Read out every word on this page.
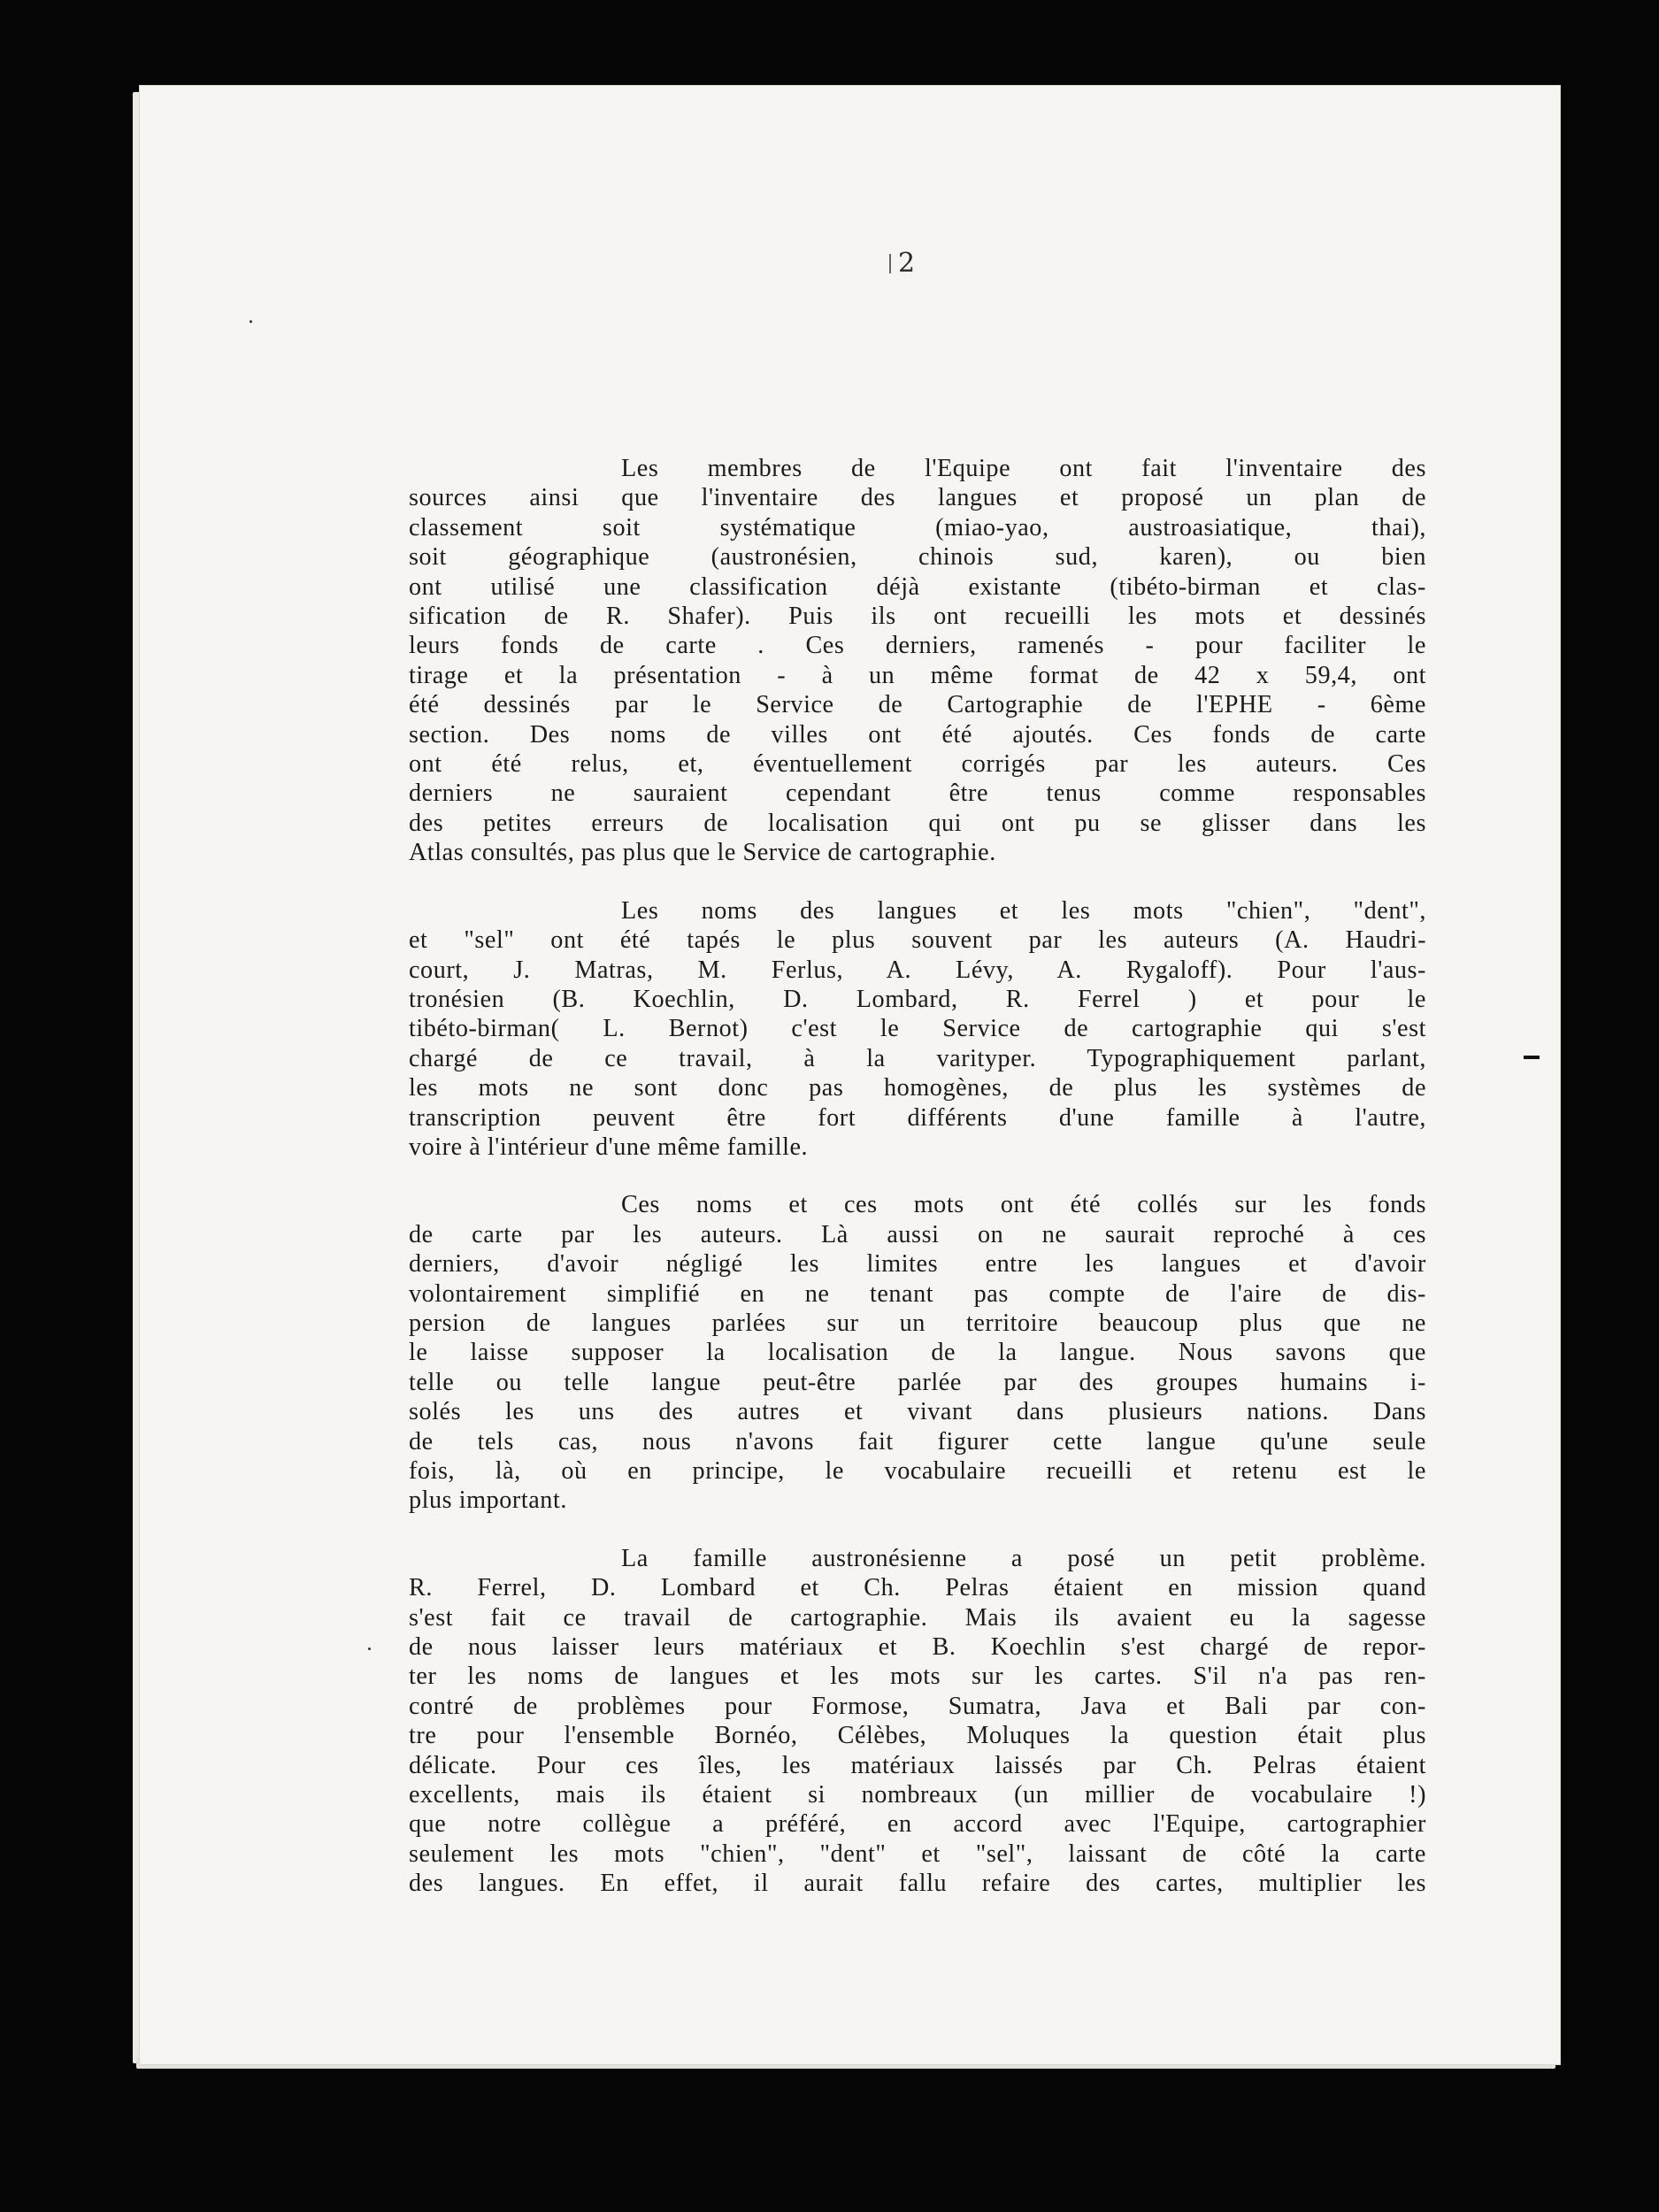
2
Les membres de l'Equipe ont fait l'inventaire des
sources ainsi que l'inventaire des langues et proposé un plan de
classement soit systématique (miao-yao, austroasiatique, thai),
soit géographique (austronésien, chinois sud, karen), ou bien
ont utilisé une classification déjà existante (tibéto-birman et clas-
sification de R. Shafer). Puis ils ont recueilli les mots et dessinés
leurs fonds de carte . Ces derniers, ramenés - pour faciliter le
tirage et la présentation - à un même format de 42 x 59,4, ont
été dessinés par le Service de Cartographie de l'EPHE - 6ème
section. Des noms de villes ont été ajoutés. Ces fonds de carte
ont été relus, et, éventuellement corrigés par les auteurs. Ces
derniers ne sauraient cependant être tenus comme responsables
des petites erreurs de localisation qui ont pu se glisser dans les
Atlas consultés, pas plus que le Service de cartographie.
Les noms des langues et les mots "chien", "dent",
et "sel" ont été tapés le plus souvent par les auteurs (A. Haudri-
court, J. Matras, M. Ferlus, A. Lévy, A. Rygaloff). Pour l'aus-
tronésien (B. Koechlin, D. Lombard, R. Ferrel ) et pour le
tibéto-birman( L. Bernot) c'est le Service de cartographie qui s'est
chargé de ce travail, à la varityper. Typographiquement parlant,
les mots ne sont donc pas homogènes, de plus les systèmes de
transcription peuvent être fort différents d'une famille à l'autre,
voire à l'intérieur d'une même famille.
Ces noms et ces mots ont été collés sur les fonds
de carte par les auteurs. Là aussi on ne saurait reproché à ces
derniers, d'avoir négligé les limites entre les langues et d'avoir
volontairement simplifié en ne tenant pas compte de l'aire de dis-
persion de langues parlées sur un territoire beaucoup plus que ne
le laisse supposer la localisation de la langue. Nous savons que
telle ou telle langue peut-être parlée par des groupes humains i-
solés les uns des autres et vivant dans plusieurs nations. Dans
de tels cas, nous n'avons fait figurer cette langue qu'une seule
fois, là, où en principe, le vocabulaire recueilli et retenu est le
plus important.
La famille austronésienne a posé un petit problème.
R. Ferrel, D. Lombard et Ch. Pelras étaient en mission quand
s'est fait ce travail de cartographie. Mais ils avaient eu la sagesse
de nous laisser leurs matériaux et B. Koechlin s'est chargé de repor-
ter les noms de langues et les mots sur les cartes. S'il n'a pas ren-
contré de problèmes pour Formose, Sumatra, Java et Bali par con-
tre pour l'ensemble Bornéo, Célèbes, Moluques la question était plus
délicate. Pour ces îles, les matériaux laissés par Ch. Pelras étaient
excellents, mais ils étaient si nombreaux (un millier de vocabulaire !)
que notre collègue a préféré, en accord avec l'Equipe, cartographier
seulement les mots "chien", "dent" et "sel", laissant de côté la carte
des langues. En effet, il aurait fallu refaire des cartes, multiplier les
